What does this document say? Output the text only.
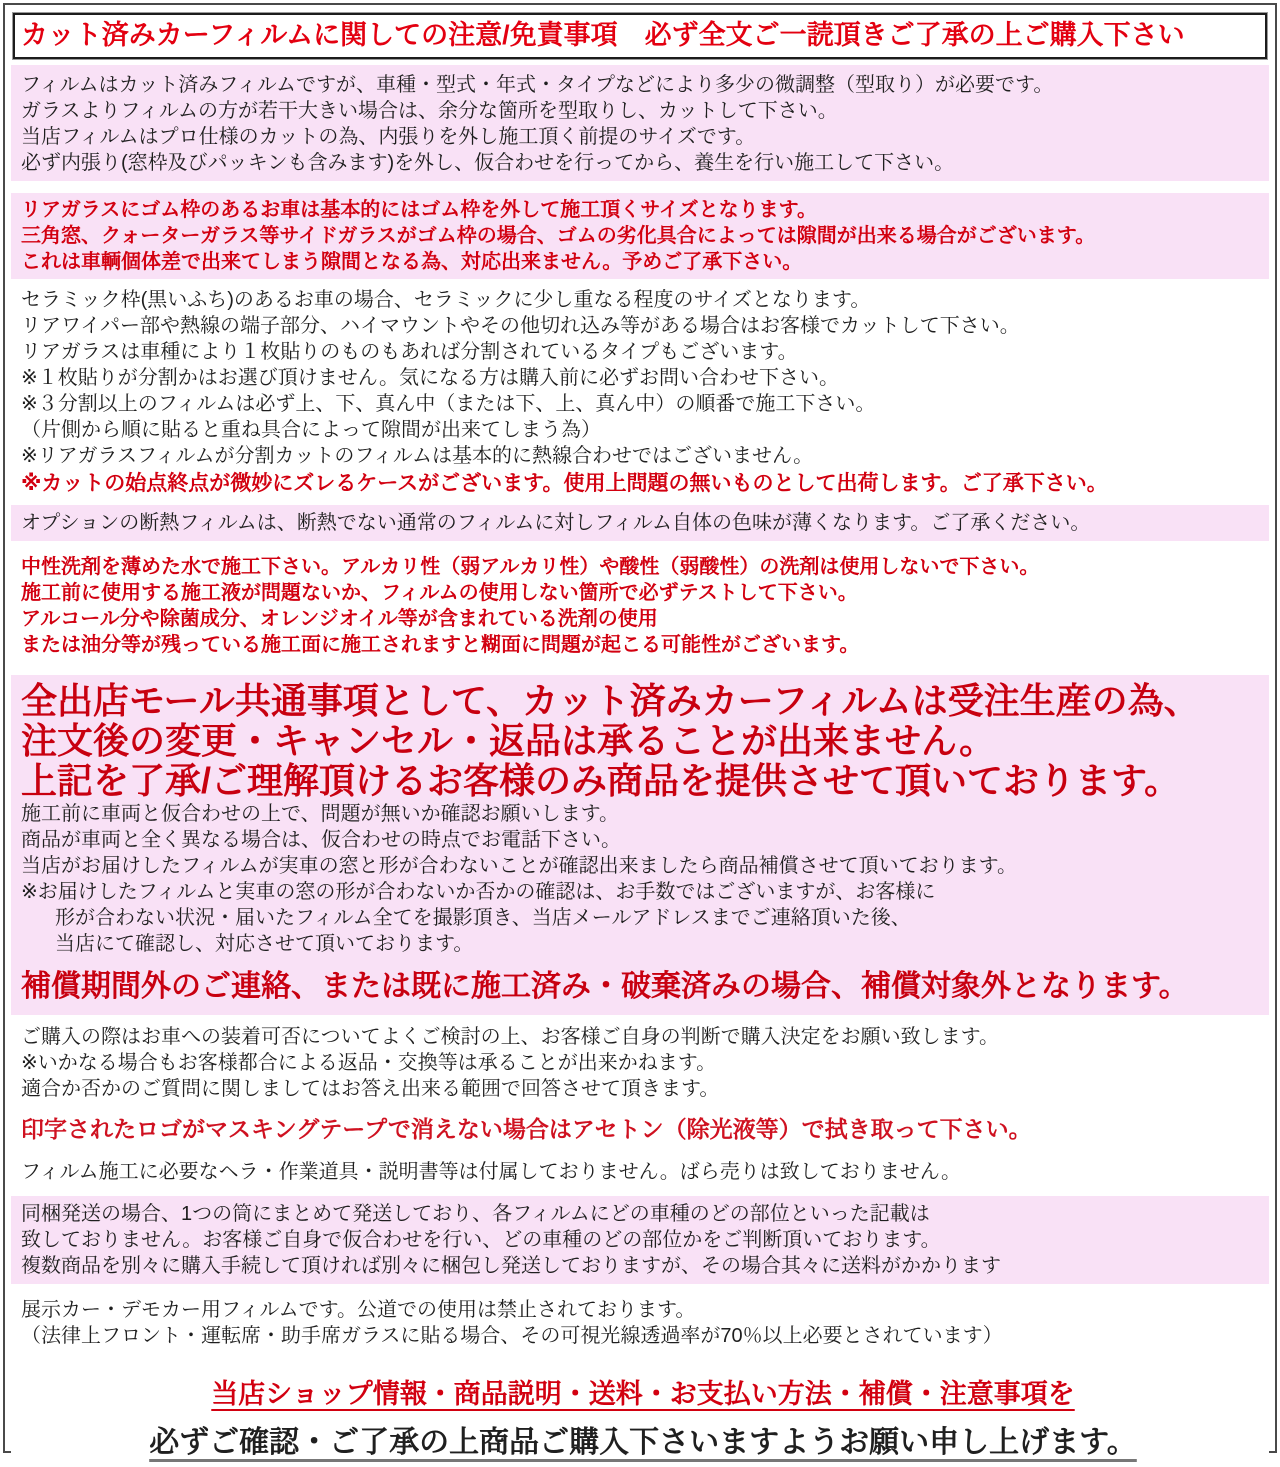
カット済みカーフィルムに関しての注意/免責事項　必ず全文ご一読頂きご了承の上ご購入下さい
フィルムはカット済みフィルムですが、車種・型式・年式・タイプなどにより多少の微調整（型取り）が必要です。
ガラスよりフィルムの方が若干大きい場合は、余分な箇所を型取りし、カットして下さい。
当店フィルムはプロ仕様のカットの為、内張りを外し施工頂く前提のサイズです。
必ず内張り(窓枠及びパッキンも含みます)を外し、仮合わせを行ってから、養生を行い施工して下さい。
リアガラスにゴム枠のあるお車は基本的にはゴム枠を外して施工頂くサイズとなります。
三角窓、クォーターガラス等サイドガラスがゴム枠の場合、ゴムの劣化具合によっては隙間が出来る場合がございます。
これは車輌個体差で出来てしまう隙間となる為、対応出来ません。予めご了承下さい。
セラミック枠(黒いふち)のあるお車の場合、セラミックに少し重なる程度のサイズとなります。
リアワイパー部や熱線の端子部分、ハイマウントやその他切れ込み等がある場合はお客様でカットして下さい。
リアガラスは車種により１枚貼りのものもあれば分割されているタイプもございます。
※１枚貼りが分割かはお選び頂けません。気になる方は購入前に必ずお問い合わせ下さい。
※３分割以上のフィルムは必ず上、下、真ん中（または下、上、真ん中）の順番で施工下さい。
（片側から順に貼ると重ね具合によって隙間が出来てしまう為）
※リアガラスフィルムが分割カットのフィルムは基本的に熱線合わせではございません。
※カットの始点終点が微妙にズレるケースがございます。使用上問題の無いものとして出荷します。ご了承下さい。
オプションの断熱フィルムは、断熱でない通常のフィルムに対しフィルム自体の色味が薄くなります。ご了承ください。
中性洗剤を薄めた水で施工下さい。アルカリ性（弱アルカリ性）や酸性（弱酸性）の洗剤は使用しないで下さい。
施工前に使用する施工液が問題ないか、フィルムの使用しない箇所で必ずテストして下さい。
アルコール分や除菌成分、オレンジオイル等が含まれている洗剤の使用
または油分等が残っている施工面に施工されますと糊面に問題が起こる可能性がございます。
全出店モール共通事項として、カット済みカーフィルムは受注生産の為、
注文後の変更・キャンセル・返品は承ることが出来ません。
上記を了承/ご理解頂けるお客様のみ商品を提供させて頂いております。
施工前に車両と仮合わせの上で、問題が無いか確認お願いします。
商品が車両と全く異なる場合は、仮合わせの時点でお電話下さい。
当店がお届けしたフィルムが実車の窓と形が合わないことが確認出来ましたら商品補償させて頂いております。
※お届けしたフィルムと実車の窓の形が合わないか否かの確認は、お手数ではございますが、お客様に
形が合わない状況・届いたフィルム全てを撮影頂き、当店メールアドレスまでご連絡頂いた後、
当店にて確認し、対応させて頂いております。
補償期間外のご連絡、または既に施工済み・破棄済みの場合、補償対象外となります。
ご購入の際はお車への装着可否についてよくご検討の上、お客様ご自身の判断で購入決定をお願い致します。
※いかなる場合もお客様都合による返品・交換等は承ることが出来かねます。
適合か否かのご質問に関しましてはお答え出来る範囲で回答させて頂きます。
印字されたロゴがマスキングテープで消えない場合はアセトン（除光液等）で拭き取って下さい。
フィルム施工に必要なヘラ・作業道具・説明書等は付属しておりません。ばら売りは致しておりません。
同梱発送の場合、1つの筒にまとめて発送しており、各フィルムにどの車種のどの部位といった記載は
致しておりません。お客様ご自身で仮合わせを行い、どの車種のどの部位かをご判断頂いております。
複数商品を別々に購入手続して頂ければ別々に梱包し発送しておりますが、その場合其々に送料がかかります
展示カー・デモカー用フィルムです。公道での使用は禁止されております。
（法律上フロント・運転席・助手席ガラスに貼る場合、その可視光線透過率が70％以上必要とされています）
当店ショップ情報・商品説明・送料・お支払い方法・補償・注意事項を
必ずご確認・ご了承の上商品ご購入下さいますようお願い申し上げます。
